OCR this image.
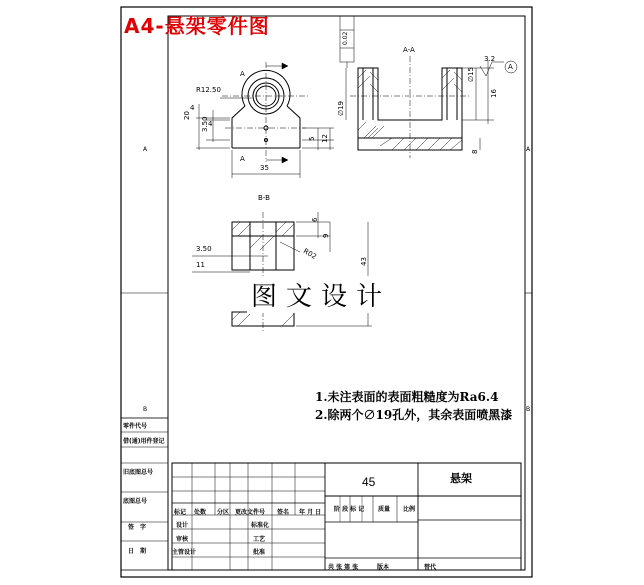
A4-悬架零件图
R12.50
20
3.50
4
4
35
5 12
A
A
A-A
∅19
∅15
16
8
3.2
A
0.02
B-B
3.50
11
6
9
R02
43
图文设计
A	A
B	B
1.未注表面的表面粗糙度为Ra6.4
2.除两个∅19孔外，其余表面喷黑漆
零件代号
借(通)用件登记
旧底图总号
底图总号
签　字
日　期
45	悬架
标记 处数 分区 更改文件号 签名 年 月 日
设计	标准化
审核	工艺
主管设计	批准
阶 段 标 记 质量 比例
共 张 第 张	版本	替代
